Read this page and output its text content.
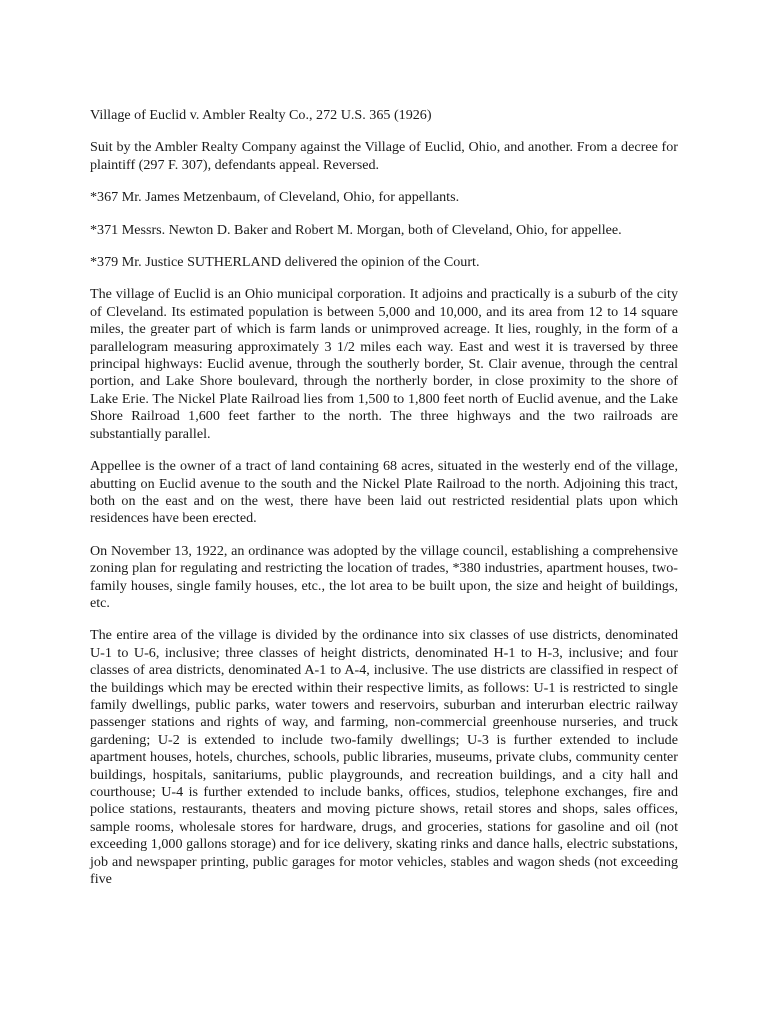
Village of Euclid v. Ambler Realty Co., 272 U.S. 365 (1926)

Suit by the Ambler Realty Company against the Village of Euclid, Ohio, and another. From a decree for plaintiff (297 F. 307), defendants appeal. Reversed.

*367 Mr. James Metzenbaum, of Cleveland, Ohio, for appellants.

*371 Messrs. Newton D. Baker and Robert M. Morgan, both of Cleveland, Ohio, for appellee.

*379 Mr. Justice SUTHERLAND delivered the opinion of the Court.

The village of Euclid is an Ohio municipal corporation. It adjoins and practically is a suburb of the city of Cleveland. Its estimated population is between 5,000 and 10,000, and its area from 12 to 14 square miles, the greater part of which is farm lands or unimproved acreage. It lies, roughly, in the form of a parallelogram measuring approximately 3 1/2 miles each way. East and west it is traversed by three principal highways: Euclid avenue, through the southerly border, St. Clair avenue, through the central portion, and Lake Shore boulevard, through the northerly border, in close proximity to the shore of Lake Erie. The Nickel Plate Railroad lies from 1,500 to 1,800 feet north of Euclid avenue, and the Lake Shore Railroad 1,600 feet farther to the north. The three highways and the two railroads are substantially parallel.

Appellee is the owner of a tract of land containing 68 acres, situated in the westerly end of the village, abutting on Euclid avenue to the south and the Nickel Plate Railroad to the north. Adjoining this tract, both on the east and on the west, there have been laid out restricted residential plats upon which residences have been erected.

On November 13, 1922, an ordinance was adopted by the village council, establishing a comprehensive zoning plan for regulating and restricting the location of trades, *380 industries, apartment houses, two-family houses, single family houses, etc., the lot area to be built upon, the size and height of buildings, etc.

The entire area of the village is divided by the ordinance into six classes of use districts, denominated U-1 to U-6, inclusive; three classes of height districts, denominated H-1 to H-3, inclusive; and four classes of area districts, denominated A-1 to A-4, inclusive. The use districts are classified in respect of the buildings which may be erected within their respective limits, as follows: U-1 is restricted to single family dwellings, public parks, water towers and reservoirs, suburban and interurban electric railway passenger stations and rights of way, and farming, non-commercial greenhouse nurseries, and truck gardening; U-2 is extended to include two-family dwellings; U-3 is further extended to include apartment houses, hotels, churches, schools, public libraries, museums, private clubs, community center buildings, hospitals, sanitariums, public playgrounds, and recreation buildings, and a city hall and courthouse; U-4 is further extended to include banks, offices, studios, telephone exchanges, fire and police stations, restaurants, theaters and moving picture shows, retail stores and shops, sales offices, sample rooms, wholesale stores for hardware, drugs, and groceries, stations for gasoline and oil (not exceeding 1,000 gallons storage) and for ice delivery, skating rinks and dance halls, electric substations, job and newspaper printing, public garages for motor vehicles, stables and wagon sheds (not exceeding five
